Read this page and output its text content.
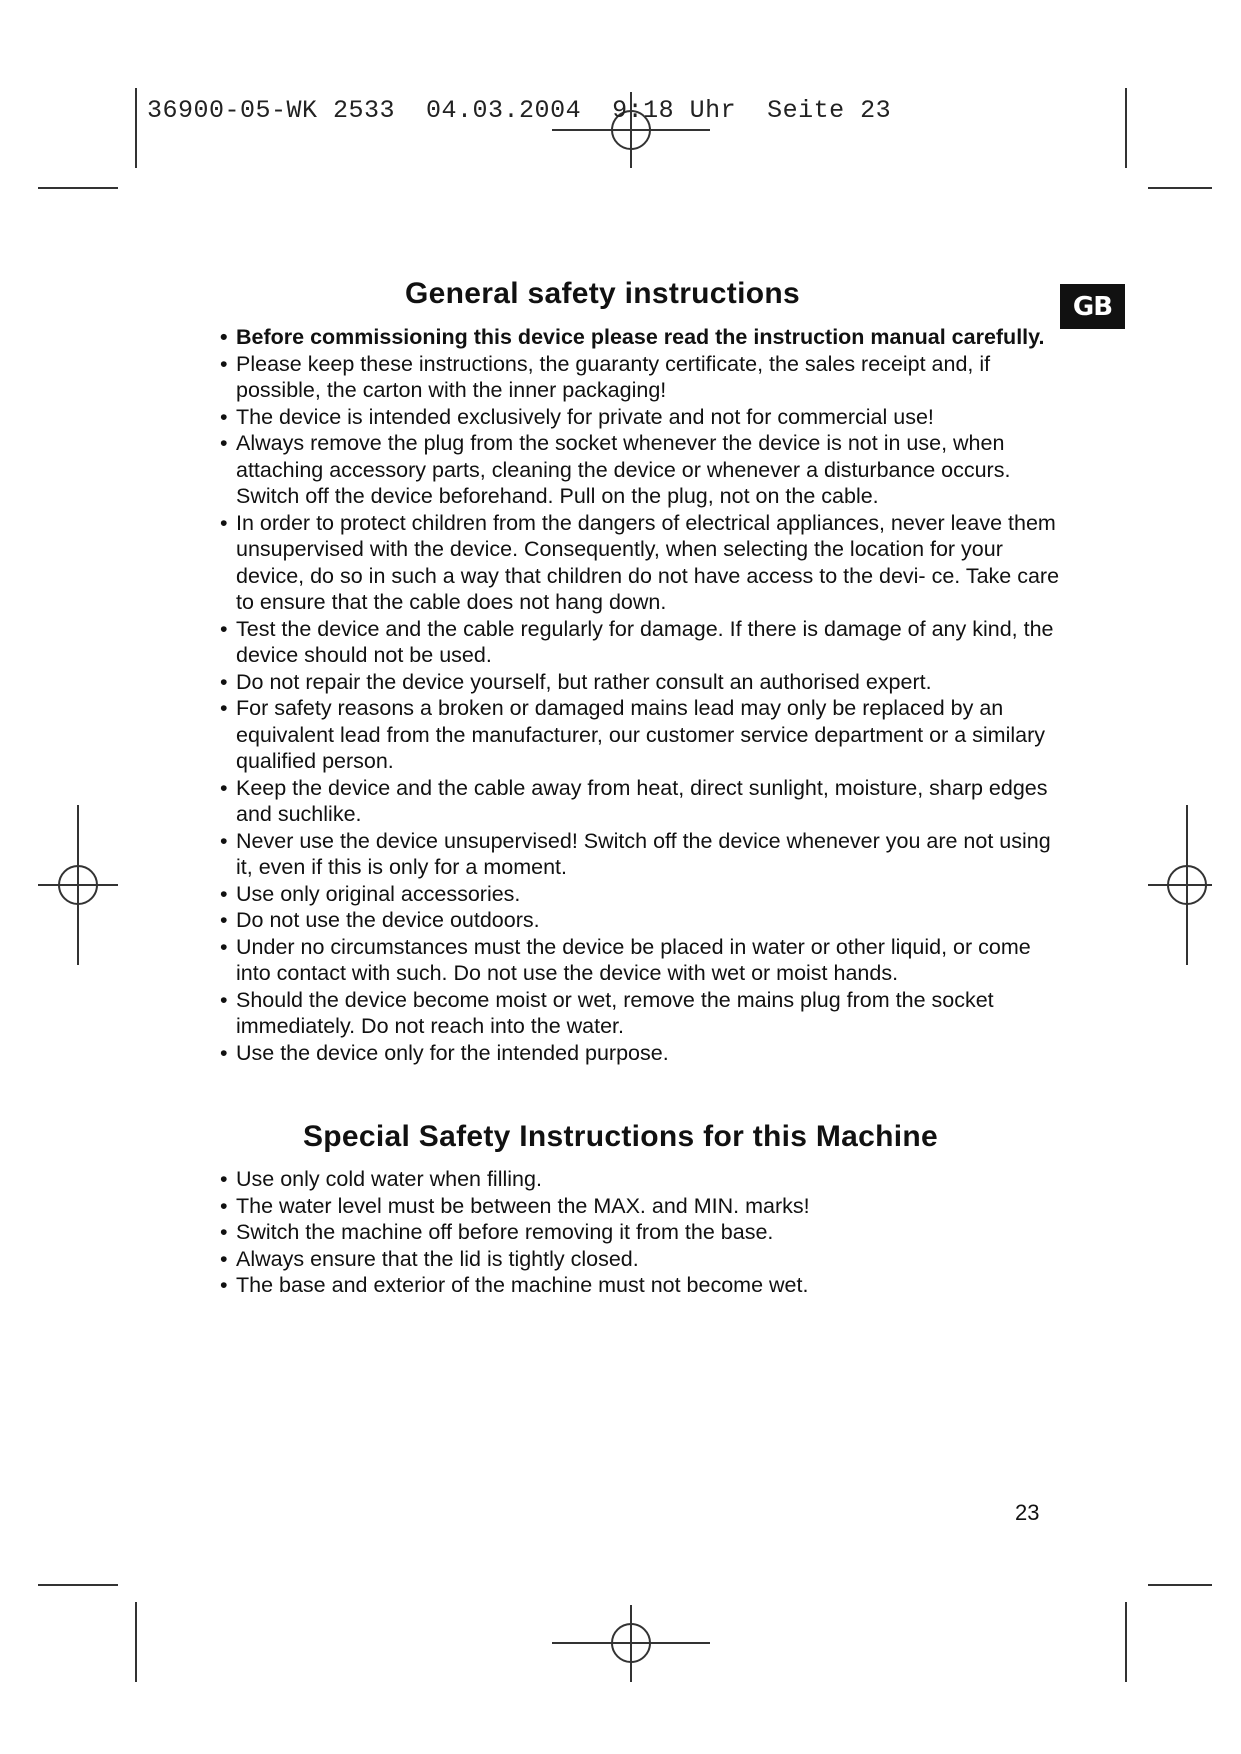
36900-05-WK 2533  04.03.2004  9:18 Uhr  Seite 23
GB
General safety instructions
• Before commissioning this device please read the instruction manual carefully.
• Please keep these instructions, the guaranty certificate, the sales receipt and, if possible, the carton with the inner packaging!
• The device is intended exclusively for private and not for commercial use!
• Always remove the plug from the socket whenever the device is not in use, when attaching accessory parts, cleaning the device or whenever a disturbance occurs. Switch off the device beforehand. Pull on the plug, not on the cable.
• In order to protect children from the dangers of electrical appliances, never leave them unsupervised with the device. Consequently, when selecting the location for your device, do so in such a way that children do not have access to the devi- ce. Take care to ensure that the cable does not hang down.
• Test the device and the cable regularly for damage. If there is damage of any kind, the device should not be used.
• Do not repair the device yourself, but rather consult an authorised expert.
• For safety reasons a broken or damaged mains lead may only be replaced by an equivalent lead from the manufacturer, our customer service department or a similary qualified person.
• Keep the device and the cable away from heat, direct sunlight, moisture, sharp edges and suchlike.
• Never use the device unsupervised! Switch off the device whenever you are not using it, even if this is only for a moment.
• Use only original accessories.
• Do not use the device outdoors.
• Under no circumstances must the device be placed in water or other liquid, or come into contact with such. Do not use the device with wet or moist hands.
• Should the device become moist or wet, remove the mains plug from the socket immediately. Do not reach into the water.
• Use the device only for the intended purpose.
Special Safety Instructions for this Machine
• Use only cold water when filling.
• The water level must be between the MAX. and MIN. marks!
• Switch the machine off before removing it from the base.
• Always ensure that the lid is tightly closed.
• The base and exterior of the machine must not become wet.
23
